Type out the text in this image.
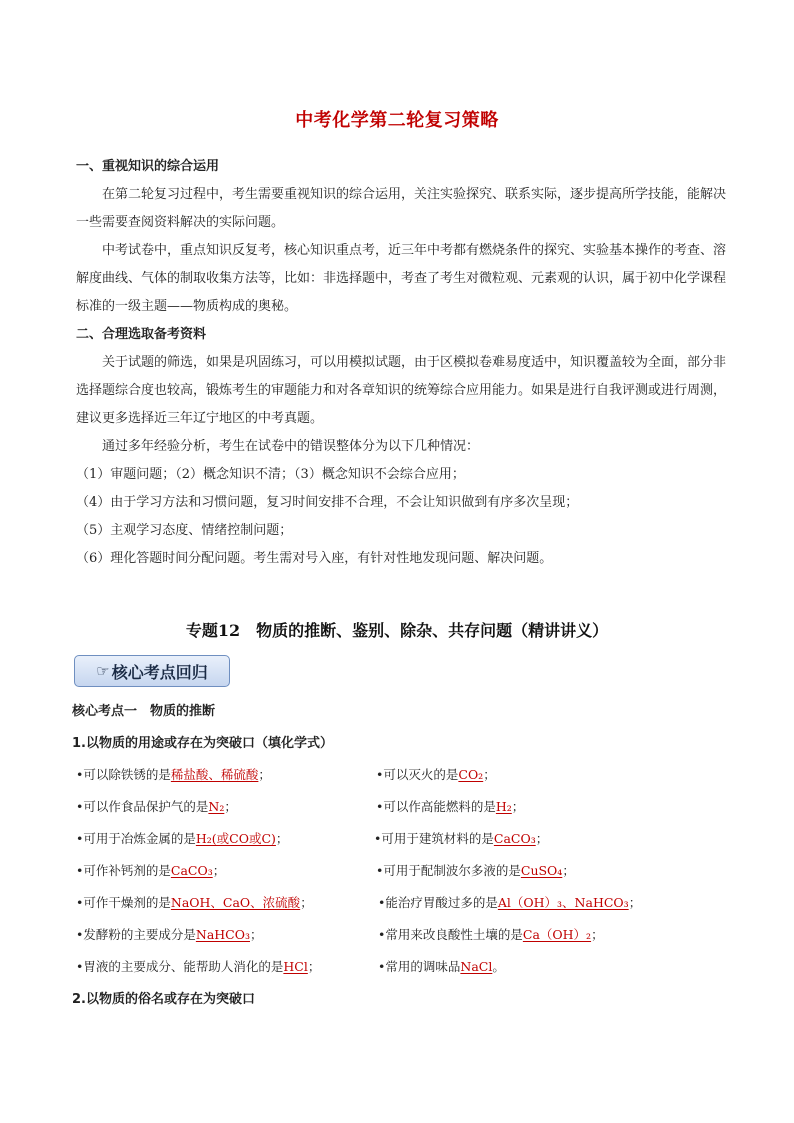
中考化学第二轮复习策略
一、重视知识的综合运用
在第二轮复习过程中，考生需要重视知识的综合运用，关注实验探究、联系实际，逐步提高所学技能，能解决一些需要查阅资料解决的实际问题。
中考试卷中，重点知识反复考，核心知识重点考，近三年中考都有燃烧条件的探究、实验基本操作的考查、溶解度曲线、气体的制取收集方法等，比如：非选择题中，考查了考生对微粒观、元素观的认识，属于初中化学课程标准的一级主题——物质构成的奥秘。
二、合理选取备考资料
关于试题的筛选，如果是巩固练习，可以用模拟试题，由于区模拟卷难易度适中，知识覆盖较为全面，部分非选择题综合度也较高，锻炼考生的审题能力和对各章知识的统筹综合应用能力。如果是进行自我评测或进行周测，建议更多选择近三年辽宁地区的中考真题。
通过多年经验分析，考生在试卷中的错误整体分为以下几种情况：
（1）审题问题；（2）概念知识不清；（3）概念知识不会综合应用；
（4）由于学习方法和习惯问题，复习时间安排不合理，不会让知识做到有序多次呈现；
（5）主观学习态度、情绪控制问题；
（6）理化答题时间分配问题。考生需对号入座，有针对性地发现问题、解决问题。
专题12　物质的推断、鉴别、除杂、共存问题（精讲讲义）
☞ 核心考点回归
核心考点一　物质的推断
1.以物质的用途或存在为突破口（填化学式）
•可以除铁锈的是稀盐酸、稀硫酸；	•可以灭火的是CO₂；
•可以作食品保护气的是N₂；	•可以作高能燃料的是H₂；
•可用于冶炼金属的是H₂(或CO或C)；	•可用于建筑材料的是CaCO₃；
•可作补钙剂的是CaCO₃；	•可用于配制波尔多液的是CuSO₄；
•可作干燥剂的是NaOH、CaO、浓硫酸；	•能治疗胃酸过多的是Al（OH）₃、NaHCO₃；
•发酵粉的主要成分是NaHCO₃；	•常用来改良酸性土壤的是Ca（OH）₂；
•胃液的主要成分、能帮助人消化的是HCl；	•常用的调味品NaCl。
2.以物质的俗名或存在为突破口
